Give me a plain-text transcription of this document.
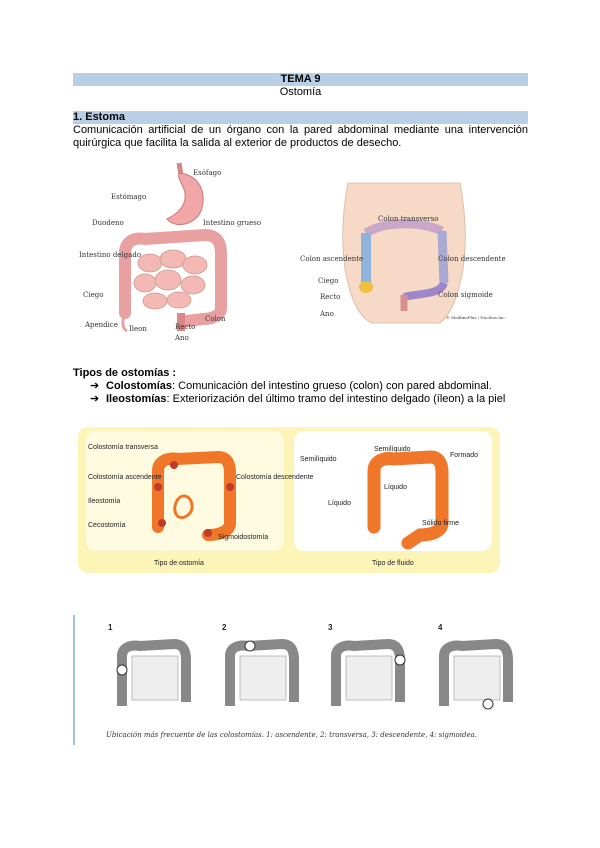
TEMA 9
Ostomía
1. Estoma
Comunicación artificial de un órgano con la pared abdominal mediante una intervención quirúrgica que facilita la salida al exterior de productos de desecho.
Esófago
Estómago
Duodeno	Intestino grueso
Intestino delgado
Ciego
Apendice Ileon	Recto
Colon
Ano
Colon transverso
Colon ascendente	Colon descendente
Ciego
Recto	Colon sigmoide
Ano	© MedlinePlus / Nucleus Inc.
Tipos de ostomías :
➔ Colostomías: Comunicación del intestino grueso (colon) con pared abdominal.
➔ Ileostomías: Exteriorización del último tramo del intestino delgado (íleon) a la piel
Colostomía transversa
Colostomía ascendente
Ileostomía
Cecostomía
Colostomía descendente
Sigmoidostomía
Semilíquido
Semilíquido
Formado
Líquido
Líquido
Sólido firme
Tipo de ostomía	Tipo de fluido
1	2	3	4
Ubicación más frecuente de las colostomías. 1: ascendente, 2: transversa, 3: descendente, 4: sigmoidea.
